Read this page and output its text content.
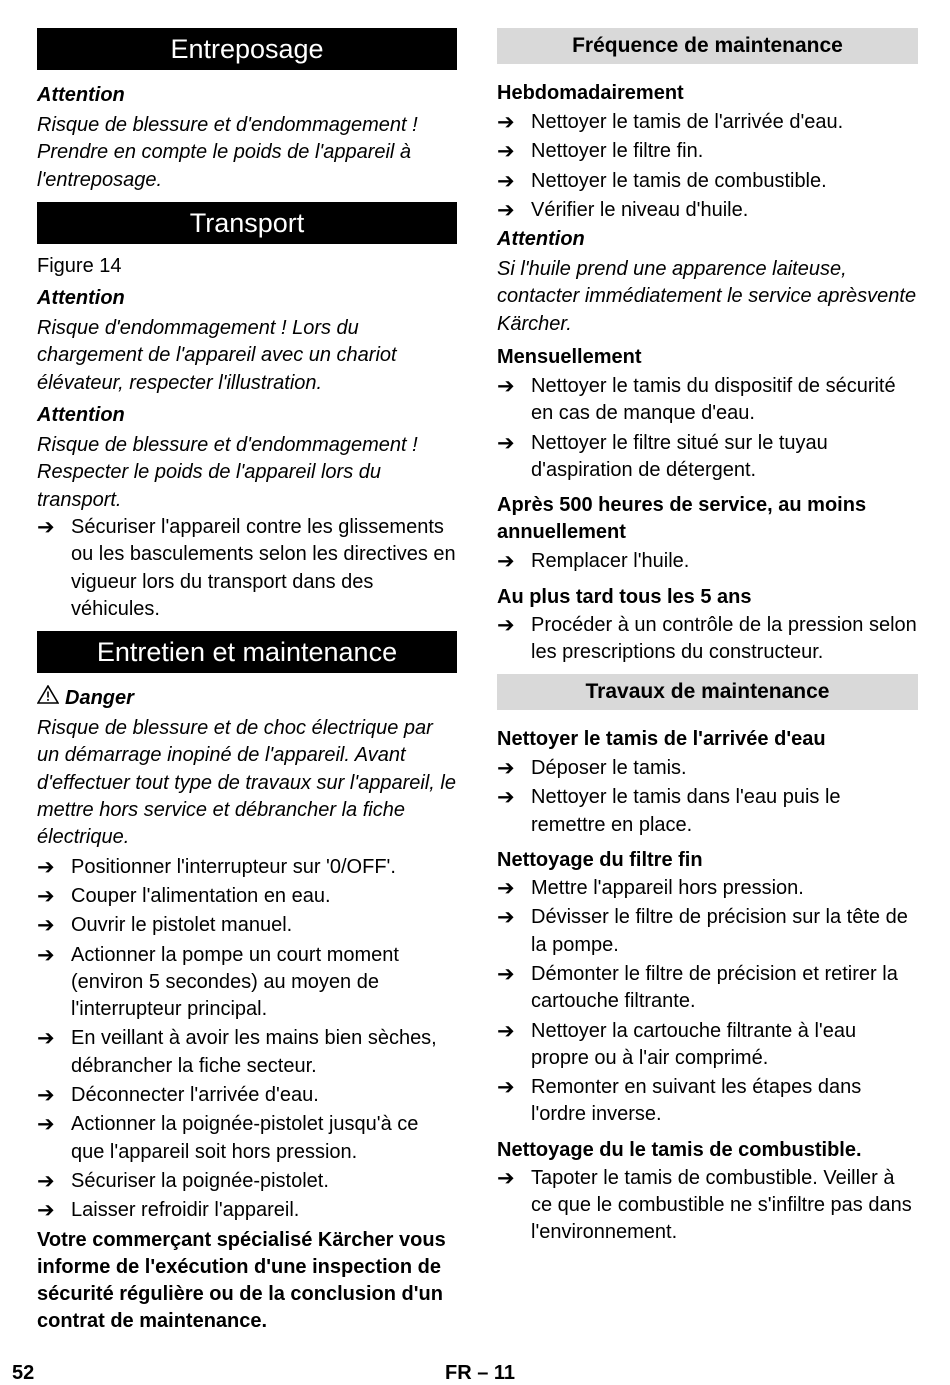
Entreposage
Attention
Risque de blessure et d'endommagement ! Prendre en compte le poids de l'appareil à l'entreposage.
Transport
Figure 14
Attention
Risque d'endommagement ! Lors du chargement de l'appareil avec un chariot élévateur, respecter l'illustration.
Attention
Risque de blessure et d'endommagement ! Respecter le poids de l'appareil lors du transport.
➔ Sécuriser l'appareil contre les glissements ou les basculements selon les directives en vigueur lors du transport dans des véhicules.
Entretien et maintenance
Danger
Risque de blessure et de choc électrique par un démarrage inopiné de l'appareil. Avant d'effectuer tout type de travaux sur l'appareil, le mettre hors service et débrancher la fiche électrique.
➔ Positionner l'interrupteur sur '0/OFF'.
➔ Couper l'alimentation en eau.
➔ Ouvrir le pistolet manuel.
➔ Actionner la pompe un court moment (environ 5 secondes) au moyen de l'interrupteur principal.
➔ En veillant à avoir les mains bien sèches, débrancher la fiche secteur.
➔ Déconnecter l'arrivée d'eau.
➔ Actionner la poignée-pistolet jusqu'à ce que l'appareil soit hors pression.
➔ Sécuriser la poignée-pistolet.
➔ Laisser refroidir l'appareil.
Votre commerçant spécialisé Kärcher vous informe de l'exécution d'une inspection de sécurité régulière ou de la conclusion d'un contrat de maintenance.
Fréquence de maintenance
Hebdomadairement
➔ Nettoyer le tamis de l'arrivée d'eau.
➔ Nettoyer le filtre fin.
➔ Nettoyer le tamis de combustible.
➔ Vérifier le niveau d'huile.
Attention
Si l'huile prend une apparence laiteuse, contacter immédiatement le service aprèsvente Kärcher.
Mensuellement
➔ Nettoyer le tamis du dispositif de sécurité en cas de manque d'eau.
➔ Nettoyer le filtre situé sur le tuyau d'aspiration de détergent.
Après 500 heures de service, au moins annuellement
➔ Remplacer l'huile.
Au plus tard tous les 5 ans
➔ Procéder à un contrôle de la pression selon les prescriptions du constructeur.
Travaux de maintenance
Nettoyer le tamis de l'arrivée d'eau
➔ Déposer le tamis.
➔ Nettoyer le tamis dans l'eau puis le remettre en place.
Nettoyage du filtre fin
➔ Mettre l'appareil hors pression.
➔ Dévisser le filtre de précision sur la tête de la pompe.
➔ Démonter le filtre de précision et retirer la cartouche filtrante.
➔ Nettoyer la cartouche filtrante à l'eau propre ou à l'air comprimé.
➔ Remonter en suivant les étapes dans l'ordre inverse.
Nettoyage du le tamis de combustible.
➔ Tapoter le tamis de combustible. Veiller à ce que le combustible ne s'infiltre pas dans l'environnement.
52	FR – 11
